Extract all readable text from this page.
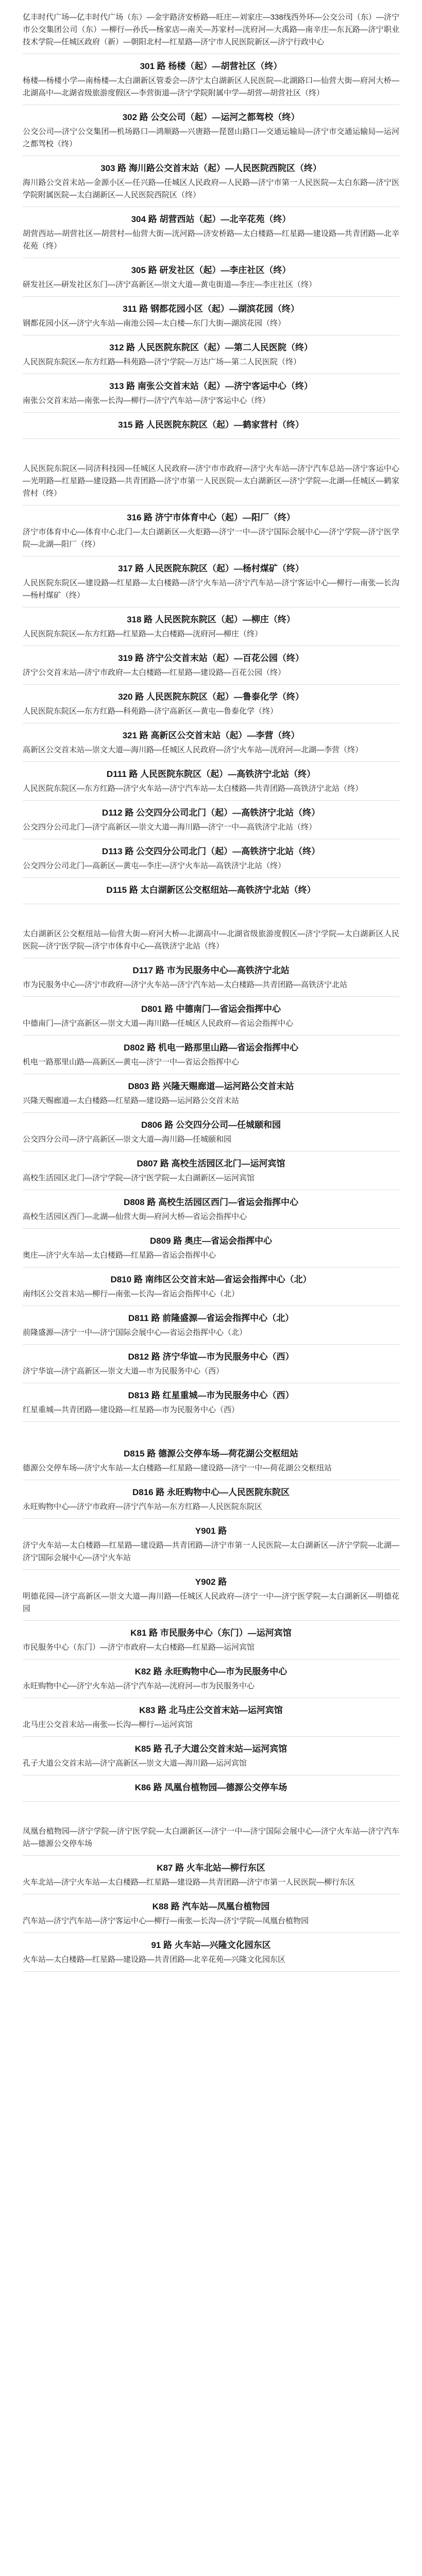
亿丰时代广场—亿丰时代广场（东）—金宇路济安桥路—旺庄—刘家庄—338线西外环—公交公司（东）—济宁市公交集团公司（东）—柳行—孙氏—杨家店—南关—苏家村—洸府河—大禹路—南辛庄—东瓦路—济宁职业技术学院—任城区政府（新）—朝阳北村—红星路—济宁市人民医院新区—济宁行政中心

301 路 杨楼（起）—胡营社区（终）

杨楼—杨楼小学—南杨楼—太白湖新区管委会—济宁太白湖新区人民医院—北湖路口—仙营大街—府河大桥—北湖高中—北湖省级旅游度假区—李营街道—济宁学院附属中学—胡营—胡营社区（终）

302 路 公交公司（起）—运河之都驾校（终）

公交公司—济宁公交集团—机场路口—鸿顺路—兴唐路—琵琶山路口—交通运输局—济宁市交通运输局—运河之都驾校（终）

303 路 海川路公交首末站（起）—人民医院西院区（终）

海川路公交首末站—金源小区—任兴路—任城区人民政府—人民路—济宁市第一人民医院—太白东路—济宁医学院附属医院—太白湖新区—人民医院西院区（终）

304 路 胡营西站（起）—北辛花苑（终）

胡营西站—胡营社区—胡营村—仙营大街—洸河路—济安桥路—太白楼路—红星路—建设路—共青团路—北辛花苑（终）

305 路 研发社区（起）—李庄社区（终）

研发社区—研发社区东门—济宁高新区—崇文大道—黄屯街道—李庄—李庄社区（终）

311 路 钢都花园小区（起）—湖滨花园（终）

钢都花园小区—济宁火车站—南池公园—太白楼—东门大街—湖滨花园（终）

312 路 人民医院东院区（起）—第二人民医院（终）

人民医院东院区—东方红路—科苑路—济宁学院—万达广场—第二人民医院（终）

313 路 南张公交首末站（起）—济宁客运中心（终）

南张公交首末站—南张—长沟—柳行—济宁汽车站—济宁客运中心（终）

315 路 人民医院东院区（起）—鹤家营村（终）

人民医院东院区—同济科技园—任城区人民政府—济宁市市政府—济宁火车站—济宁汽车总站—济宁客运中心—光明路—红星路—建设路—共青团路—济宁市第一人民医院—太白湖新区—济宁学院—北湖—任城区—鹤家营村（终）

316 路 济宁市体育中心（起）—阳厂（终）

济宁市体育中心—体育中心北门—太白湖新区—火炬路—济宁一中—济宁国际会展中心—济宁学院—济宁医学院—北湖—阳厂（终）

317 路 人民医院东院区（起）—杨村煤矿（终）

人民医院东院区—建设路—红星路—太白楼路—济宁火车站—济宁汽车站—济宁客运中心—柳行—南张—长沟—杨村煤矿（终）

318 路 人民医院东院区（起）—柳庄（终）

人民医院东院区—东方红路—红星路—太白楼路—洸府河—柳庄（终）

319 路 济宁公交首末站（起）—百花公园（终）

济宁公交首末站—济宁市政府—太白楼路—红星路—建设路—百花公园（终）

320 路 人民医院东院区（起）—鲁泰化学（终）

人民医院东院区—东方红路—科苑路—济宁高新区—黄屯—鲁泰化学（终）

321 路 高新区公交首末站（起）—李营（终）

高新区公交首末站—崇文大道—海川路—任城区人民政府—济宁火车站—洸府河—北湖—李营（终）

D111 路 人民医院东院区（起）—高铁济宁北站（终）

人民医院东院区—东方红路—济宁火车站—济宁汽车站—太白楼路—共青团路—高铁济宁北站（终）

D112 路 公交四分公司北门（起）—高铁济宁北站（终）

公交四分公司北门—济宁高新区—崇文大道—海川路—济宁一中—高铁济宁北站（终）

D113 路 公交四分公司北门（起）—高铁济宁北站（终）

公交四分公司北门—高新区—黄屯—李庄—济宁火车站—高铁济宁北站（终）

D115 路 太白湖新区公交枢纽站—高铁济宁北站（终）

太白湖新区公交枢纽站—仙营大街—府河大桥—北湖高中—北湖省级旅游度假区—济宁学院—太白湖新区人民医院—济宁医学院—济宁市体育中心—高铁济宁北站（终）

D117 路 市为民服务中心—高铁济宁北站

市为民服务中心—济宁市政府—济宁火车站—济宁汽车站—太白楼路—共青团路—高铁济宁北站

D801 路 中德南门—省运会指挥中心

中德南门—济宁高新区—崇文大道—海川路—任城区人民政府—省运会指挥中心

D802 路 机电一路那里山路—省运会指挥中心

机电一路那里山路—高新区—黄屯—济宁一中—省运会指挥中心

D803 路 兴隆天赐廊道—运河路公交首末站

兴隆天赐廊道—太白楼路—红星路—建设路—运河路公交首末站

D806 路 公交四分公司—任城颐和园

公交四分公司—济宁高新区—崇文大道—海川路—任城颐和园

D807 路 高校生活园区北门—运河宾馆

高校生活园区北门—济宁学院—济宁医学院—太白湖新区—运河宾馆

D808 路 高校生活园区西门—省运会指挥中心

高校生活园区西门—北湖—仙营大街—府河大桥—省运会指挥中心

D809 路 奥庄—省运会指挥中心

奥庄—济宁火车站—太白楼路—红星路—省运会指挥中心

D810 路 南纬区公交首末站—省运会指挥中心（北）

南纬区公交首末站—柳行—南张—长沟—省运会指挥中心（北）

D811 路 前隆盛源—省运会指挥中心（北）

前隆盛源—济宁一中—济宁国际会展中心—省运会指挥中心（北）

D812 路 济宁华谊—市为民服务中心（西）

济宁华谊—济宁高新区—崇文大道—市为民服务中心（西）

D813 路 红星重城—市为民服务中心（西）

红星重城—共青团路—建设路—红星路—市为民服务中心（西）

D815 路 德源公交停车场—荷花湖公交枢纽站

德源公交停车场—济宁火车站—太白楼路—红星路—建设路—济宁一中—荷花湖公交枢纽站

D816 路 永旺购物中心—人民医院东院区

永旺购物中心—济宁市政府—济宁汽车站—东方红路—人民医院东院区

Y901 路

济宁火车站—太白楼路—红星路—建设路—共青团路—济宁市第一人民医院—太白湖新区—济宁学院—北湖—济宁国际会展中心—济宁火车站

Y902 路

明德花园—济宁高新区—崇文大道—海川路—任城区人民政府—济宁一中—济宁医学院—太白湖新区—明德花园

K81 路 市民服务中心（东门）—运河宾馆

市民服务中心（东门）—济宁市政府—太白楼路—红星路—运河宾馆

K82 路 永旺购物中心—市为民服务中心

永旺购物中心—济宁火车站—济宁汽车站—洸府河—市为民服务中心

K83 路 北马庄公交首末站—运河宾馆

北马庄公交首末站—南张—长沟—柳行—运河宾馆

K85 路 孔子大道公交首末站—运河宾馆

孔子大道公交首末站—济宁高新区—崇文大道—海川路—运河宾馆

K86 路 凤凰台植物园—德源公交停车场

凤凰台植物园—济宁学院—济宁医学院—太白湖新区—济宁一中—济宁国际会展中心—济宁火车站—济宁汽车站—德源公交停车场

K87 路 火车北站—柳行东区

火车北站—济宁火车站—太白楼路—红星路—建设路—共青团路—济宁市第一人民医院—柳行东区

K88 路 汽车站—凤凰台植物园

汽车站—济宁汽车站—济宁客运中心—柳行—南张—长沟—济宁学院—凤凰台植物园

91 路 火车站—兴隆文化园东区

火车站—太白楼路—红星路—建设路—共青团路—北辛花苑—兴隆文化园东区
